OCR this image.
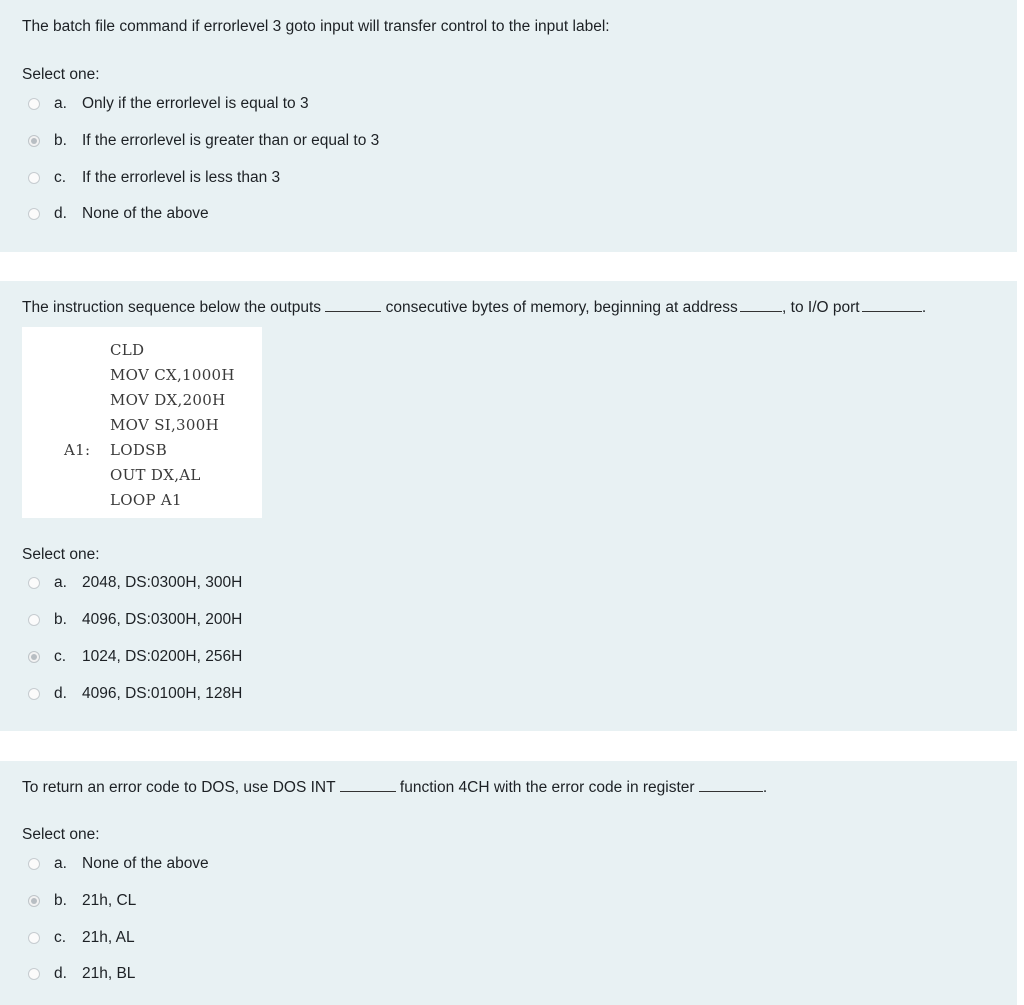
The batch file command if errorlevel 3 goto input will transfer control to the input label:
Select one:
a. Only if the errorlevel is equal to 3
b. If the errorlevel is greater than or equal to 3
c.	If the errorlevel is less than 3
d. None of the above
The instruction sequence below the outputs	consecutive bytes of memory, beginning at address	, to I/O port	.
CLD
MOV CX,1000H
MOV DX,200H
MOV SI,300H
A1: LODSB
OUT DX,AL
LOOP A1
Select one:
a. 2048, DS:0300H, 300H
b. 4096, DS:0300H, 200H
c.	1024, DS:0200H, 256H
d. 4096, DS:0100H, 128H
To return an error code to DOS, use DOS INT	function 4CH with the error code in register	.
Select one:
a. None of the above
b. 21h, CL
c.	21h, AL
d. 21h, BL
